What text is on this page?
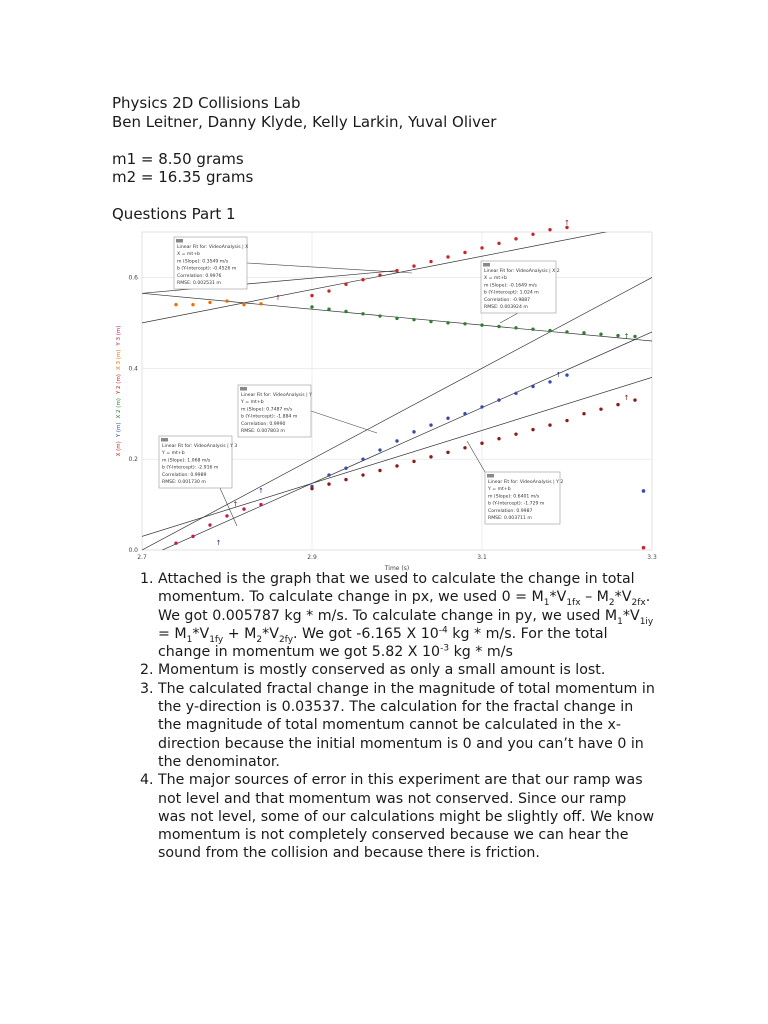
Physics 2D Collisions Lab
Ben Leitner, Danny Klyde, Kelly Larkin, Yuval Oliver
m1 = 8.50 grams
m2 = 16.35 grams
Questions Part 1
↑
↑
↑
↑
↑
↑
↑
↑
Linear Fit for: VideoAnalysis | X
X = mt+b
m (Slope): 0.3549 m/s
b (Y-Intercept): -0.4526 m
Correlation: 0.9976
RMSE: 0.002531 m
Linear Fit for: VideoAnalysis | X 2
X = mt+b
m (Slope): -0.1649 m/s
b (Y-Intercept): 1.024 m
Correlation: -0.9887
RMSE: 0.003924 m
Linear Fit for: VideoAnalysis | Y
Y = mt+b
m (Slope): 0.7487 m/s
b (Y-Intercept): -1.884 m
Correlation: 0.9990
RMSE: 0.007803 m
Linear Fit for: VideoAnalysis | Y 3
Y = mt+b
m (Slope): 1.068 m/s
b (Y-Intercept): -2.916 m
Correlation: 0.9989
RMSE: 0.001730 m	Linear Fit for: VideoAnalysis | Y 2
Y = mt+b
m (Slope): 0.6401 m/s
b (Y-Intercept): -1.729 m
Correlation: 0.9987
RMSE: 0.003711 m
2.7	2.9	3.1	3.3
0.0
0.2
0.4
0.6
Time (s)
X (m)Y (m)X 2 (m)Y 2 (m)X 3 (m)Y 3 (m)
1. Attached is the graph that we used to calculate the change in total momentum. To calculate change in px, we used $0 = M_1*V_{1fx} - M_2*V_{2fx}$. We got 0.005787 kg * m/s. To calculate change in py, we used $M_1*V_{1iy} = M_1*V_{1fy} + M_2*V_{2fy}$. We got -6.165 X $10^{-4}$ kg * m/s. For the total change in momentum we got 5.82 X $10^{-3}$ kg * m/s
2. Momentum is mostly conserved as only a small amount is lost.
3. The calculated fractal change in the magnitude of total momentum in the y-direction is 0.03537. The calculation for the fractal change in the magnitude of total momentum cannot be calculated in the x-direction because the initial momentum is 0 and you can’t have 0 in the denominator.
4. The major sources of error in this experiment are that our ramp was not level and that momentum was not conserved. Since our ramp was not level, some of our calculations might be slightly off. We know momentum is not completely conserved because we can hear the sound from the collision and because there is friction.
